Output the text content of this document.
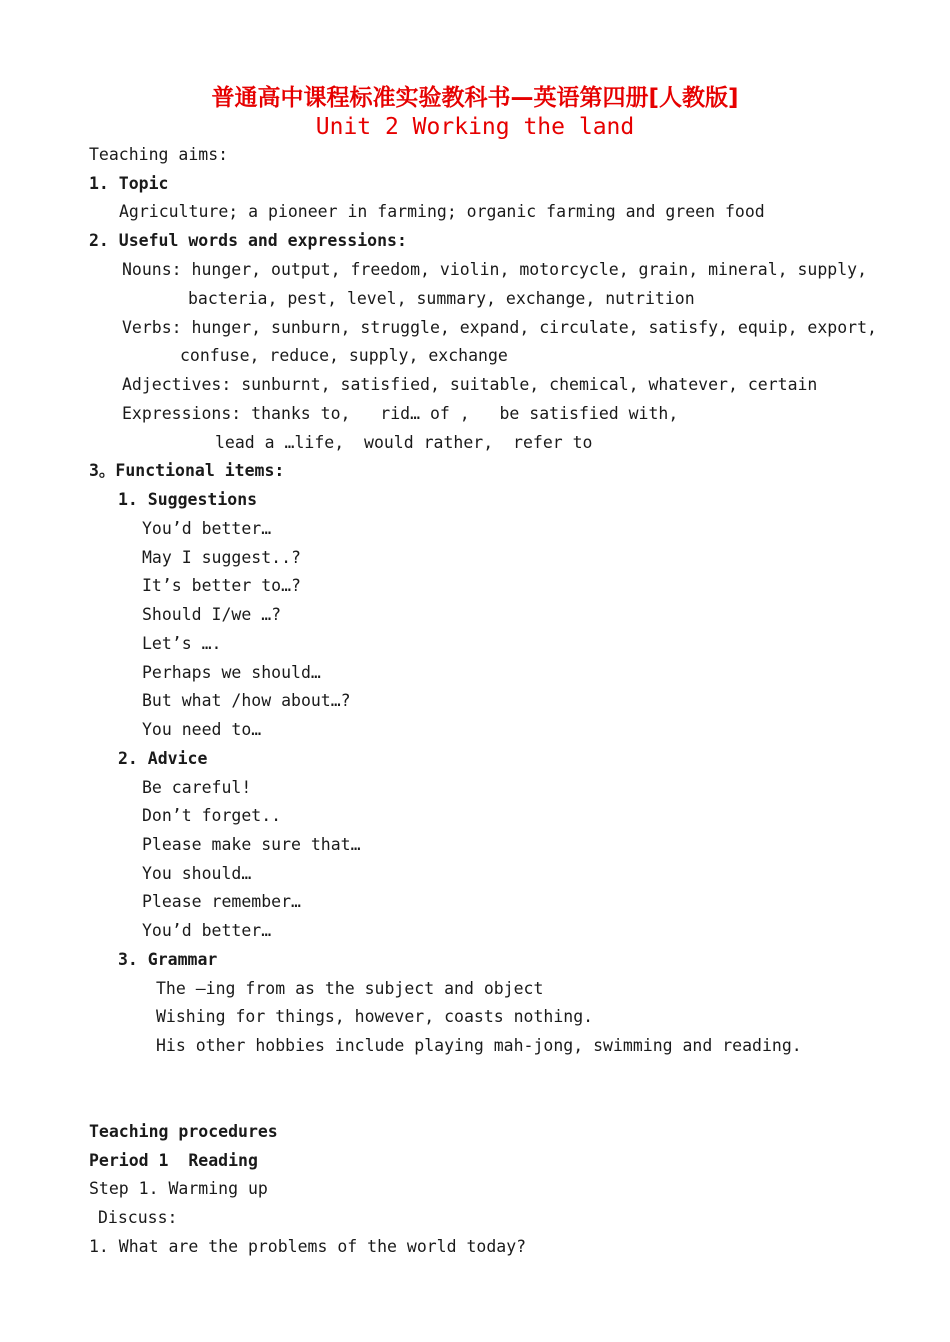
普通高中课程标准实验教科书—英语第四册[人教版]
Unit 2 Working the land
Teaching aims:
1. Topic
Agriculture; a pioneer in farming; organic farming and green food
2. Useful words and expressions:
Nouns: hunger, output, freedom, violin, motorcycle, grain, mineral, supply,
bacteria, pest, level, summary, exchange, nutrition
Verbs: hunger, sunburn, struggle, expand, circulate, satisfy, equip, export,
confuse, reduce, supply, exchange
Adjectives: sunburnt, satisfied, suitable, chemical, whatever, certain
Expressions: thanks to,   rid… of ,   be satisfied with,
lead a …life,  would rather,  refer to
3。Functional items:
1. Suggestions
You’d better…
May I suggest..?
It’s better to…?
Should I/we …?
Let’s ….
Perhaps we should…
But what /how about…?
You need to…
2. Advice
Be careful!
Don’t forget..
Please make sure that…
You should…
Please remember…
You’d better…
3. Grammar
The –ing from as the subject and object
Wishing for things, however, coasts nothing.
His other hobbies include playing mah-jong, swimming and reading.
Teaching procedures
Period 1  Reading
Step 1. Warming up
Discuss:
1. What are the problems of the world today?
